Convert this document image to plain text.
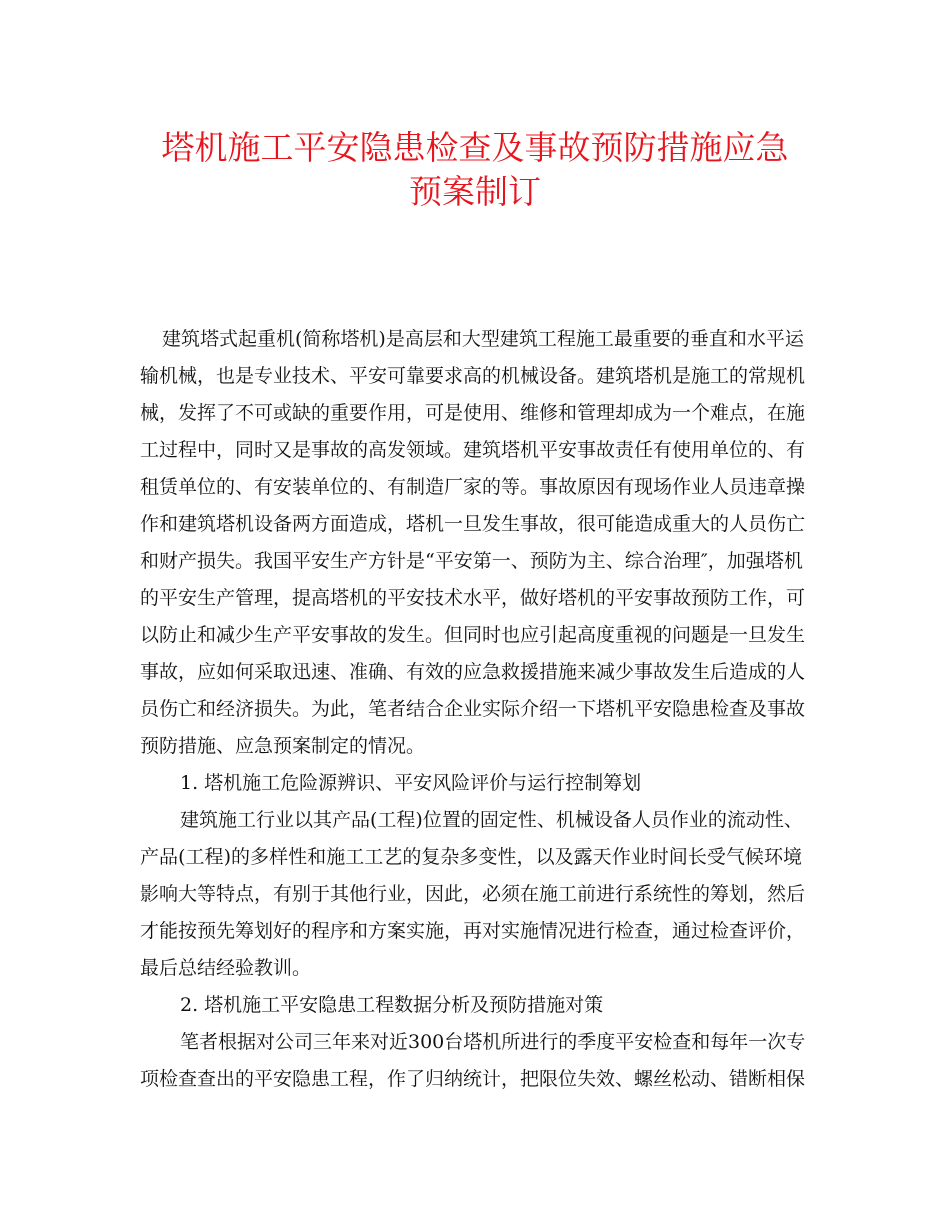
塔机施工平安隐患检查及事故预防措施应急
预案制订
建筑塔式起重机(简称塔机)是高层和大型建筑工程施工最重要的垂直和水平运
输机械，也是专业技术、平安可靠要求高的机械设备。建筑塔机是施工的常规机
械，发挥了不可或缺的重要作用，可是使用、维修和管理却成为一个难点，在施
工过程中，同时又是事故的高发领域。建筑塔机平安事故责任有使用单位的、有
租赁单位的、有安装单位的、有制造厂家的等。事故原因有现场作业人员违章操
作和建筑塔机设备两方面造成，塔机一旦发生事故，很可能造成重大的人员伤亡
和财产损失。我国平安生产方针是“平安第一、预防为主、综合治理″，加强塔机
的平安生产管理，提高塔机的平安技术水平，做好塔机的平安事故预防工作，可
以防止和减少生产平安事故的发生。但同时也应引起高度重视的问题是一旦发生
事故，应如何采取迅速、准确、有效的应急救援措施来减少事故发生后造成的人
员伤亡和经济损失。为此，笔者结合企业实际介绍一下塔机平安隐患检查及事故
预防措施、应急预案制定的情况。
1. 塔机施工危险源辨识、平安风险评价与运行控制筹划
建筑施工行业以其产品(工程)位置的固定性、机械设备人员作业的流动性、
产品(工程)的多样性和施工工艺的复杂多变性，以及露天作业时间长受气候环境
影响大等特点，有别于其他行业，因此，必须在施工前进行系统性的筹划，然后
才能按预先筹划好的程序和方案实施，再对实施情况进行检查，通过检查评价，
最后总结经验教训。
2. 塔机施工平安隐患工程数据分析及预防措施对策
笔者根据对公司三年来对近300台塔机所进行的季度平安检查和每年一次专
项检查查出的平安隐患工程，作了归纳统计，把限位失效、螺丝松动、错断相保
